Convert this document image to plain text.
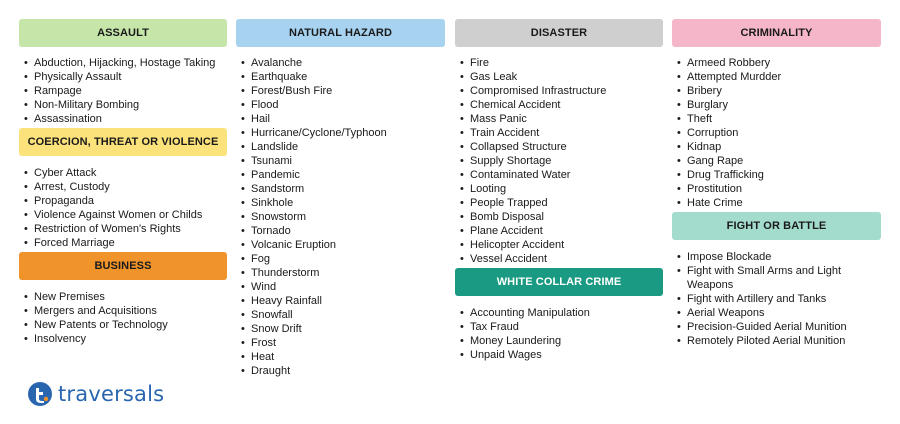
ASSAULT
• Abduction, Hijacking, Hostage Taking
• Physically Assault
• Rampage
• Non-Military Bombing
• Assassination
COERCION, THREAT OR VIOLENCE
• Cyber Attack
• Arrest, Custody
• Propaganda
• Violence Against Women or Childs
• Restriction of Women's Rights
• Forced Marriage
BUSINESS
• New Premises
• Mergers and Acquisitions
• New Patents or Technology
• Insolvency
NATURAL HAZARD
• Avalanche
• Earthquake
• Forest/Bush Fire
• Flood
• Hail
• Hurricane/Cyclone/Typhoon
• Landslide
• Tsunami
• Pandemic
• Sandstorm
• Sinkhole
• Snowstorm
• Tornado
• Volcanic Eruption
• Fog
• Thunderstorm
• Wind
• Heavy Rainfall
• Snowfall
• Snow Drift
• Frost
• Heat
• Draught
DISASTER
• Fire
• Gas Leak
• Compromised Infrastructure
• Chemical Accident
• Mass Panic
• Train Accident
• Collapsed Structure
• Supply Shortage
• Contaminated Water
• Looting
• People Trapped
• Bomb Disposal
• Plane Accident
• Helicopter Accident
• Vessel Accident
WHITE COLLAR CRIME
• Accounting Manipulation
• Tax Fraud
• Money Laundering
• Unpaid Wages
CRIMINALITY
• Armeed Robbery
• Attempted Murdder
• Bribery
• Burglary
• Theft
• Corruption
• Kidnap
• Gang Rape
• Drug Trafficking
• Prostitution
• Hate Crime
FIGHT OR BATTLE
• Impose Blockade
• Fight with Small Arms and Light Weapons
• Fight with Artillery and Tanks
• Aerial Weapons
• Precision-Guided Aerial Munition
• Remotely Piloted Aerial Munition
traversals
